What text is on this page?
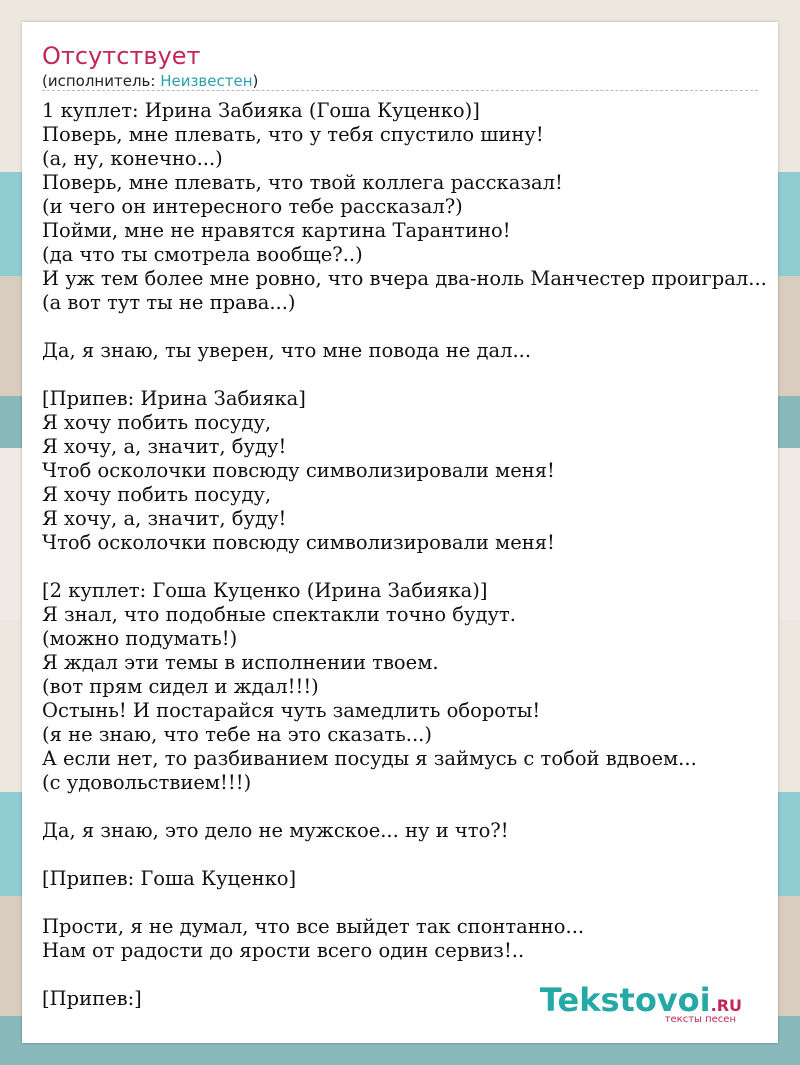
Отсутствует
(исполнитель: Неизвестен)
1 куплет: Ирина Забияка (Гоша Куценко)]
Поверь, мне плевать, что у тебя спустило шину!
(а, ну, конечно...)
Поверь, мне плевать, что твой коллега рассказал!
(и чего он интересного тебе рассказал?)
Пойми, мне не нравятся картина Тарантино!
(да что ты смотрела вообще?..)
И уж тем более мне ровно, что вчера два-ноль Манчестер проиграл...
(а вот тут ты не права...)
Да, я знаю, ты уверен, что мне повода не дал...
[Припев: Ирина Забияка]
Я хочу побить посуду,
Я хочу, а, значит, буду!
Чтоб осколочки повсюду символизировали меня!
Я хочу побить посуду,
Я хочу, а, значит, буду!
Чтоб осколочки повсюду символизировали меня!
[2 куплет: Гоша Куценко (Ирина Забияка)]
Я знал, что подобные спектакли точно будут.
(можно подумать!)
Я ждал эти темы в исполнении твоем.
(вот прям сидел и ждал!!!)
Остынь! И постарайся чуть замедлить обороты!
(я не знаю, что тебе на это сказать...)
А если нет, то разбиванием посуды я займусь с тобой вдвоем...
(с удовольствием!!!)
Да, я знаю, это дело не мужское... ну и что?!
[Припев: Гоша Куценко]
Прости, я не думал, что все выйдет так спонтанно...
Нам от радости до ярости всего один сервиз!..
[Припев:]	Tekstovoi.RU
тексты песен
